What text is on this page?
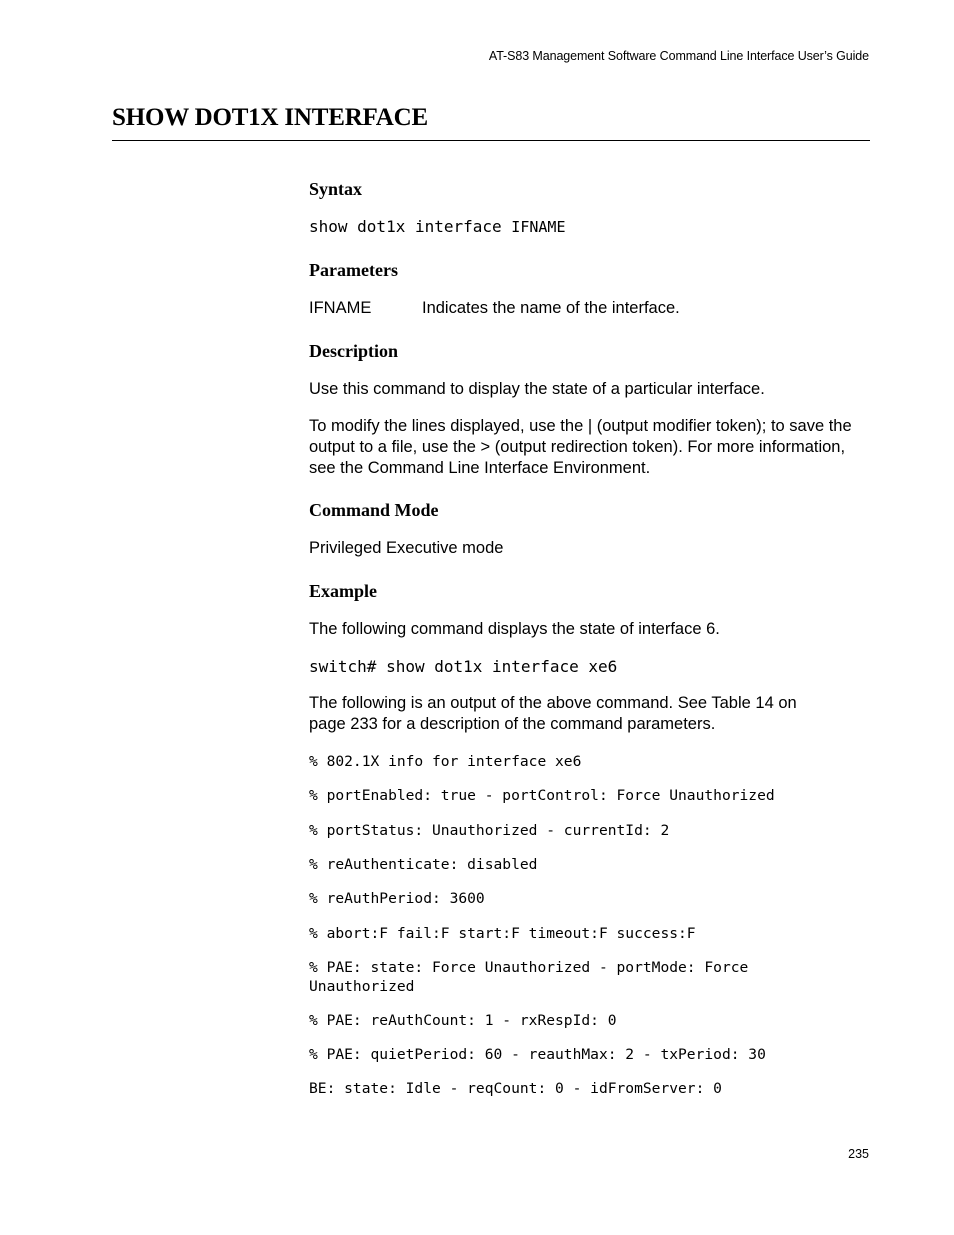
AT-S83 Management Software Command Line Interface User’s Guide
SHOW DOT1X INTERFACE
Syntax
show dot1x interface IFNAME
Parameters
IFNAME	Indicates the name of the interface.
Description
Use this command to display the state of a particular interface.
To modify the lines displayed, use the | (output modifier token); to save the
output to a file, use the > (output redirection token). For more information,
see the Command Line Interface Environment.
Command Mode
Privileged Executive mode
Example
The following command displays the state of interface 6.
switch# show dot1x interface xe6
The following is an output of the above command. See Table 14 on
page 233 for a description of the command parameters.
% 802.1X info for interface xe6
% portEnabled: true - portControl: Force Unauthorized
% portStatus: Unauthorized - currentId: 2
% reAuthenticate: disabled
% reAuthPeriod: 3600
% abort:F fail:F start:F timeout:F success:F
% PAE: state: Force Unauthorized - portMode: Force
Unauthorized
% PAE: reAuthCount: 1 - rxRespId: 0
% PAE: quietPeriod: 60 - reauthMax: 2 - txPeriod: 30
BE: state: Idle - reqCount: 0 - idFromServer: 0
235
